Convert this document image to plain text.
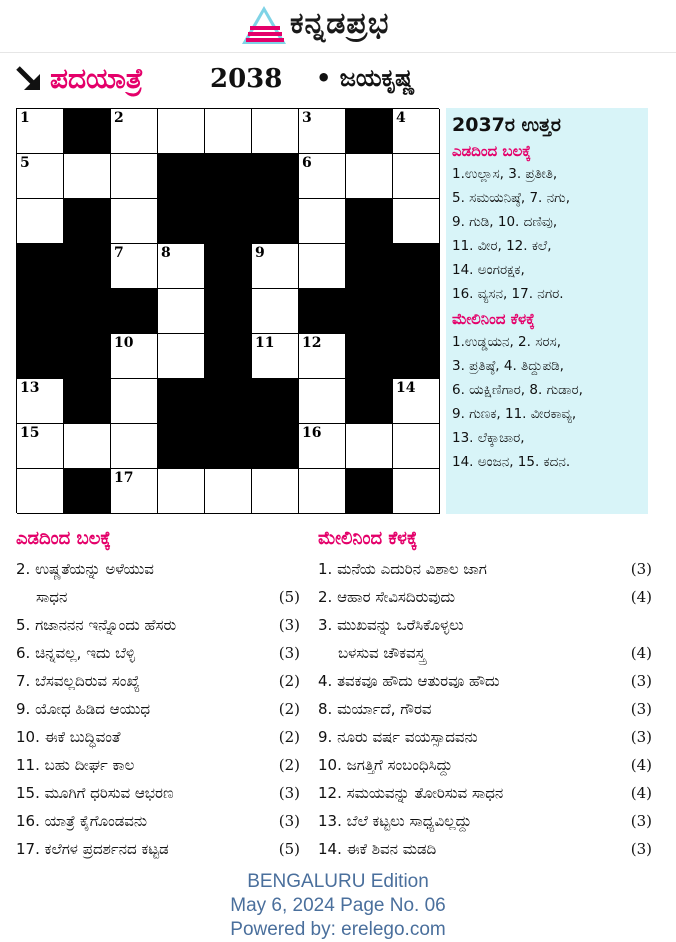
ಕನ್ನಡಪ್ರಭ
ಪದಯಾತ್ರೆ	2038 • ಜಯಕೃಷ್ಣ
1	2	3	4
5	6
7	8	9
10	11 12
13	14
15	16
17
2037ರ ಉತ್ತರ
ಎಡದಿಂದ ಬಲಕ್ಕೆ
1.ಉಲ್ಲಾಸ, 3. ಪ್ರತೀತಿ,
5. ಸಮಯನಿಷ್ಠೆ, 7. ನಗು,
9. ಗುಡಿ, 10. ದಣಿವು,
11. ವೀರ, 12. ಕಲೆ,
14. ಅಂಗರಕ್ಷಕ,
16. ವ್ಯಸನ, 17. ನಗರ.
ಮೇಲಿನಿಂದ ಕೆಳಕ್ಕೆ
1.ಉಡ್ಡಯನ, 2. ಸರಸ,
3. ಪ್ರತಿಷ್ಠೆ, 4. ತಿದ್ದುಪಡಿ,
6. ಯಕ್ಷಿಣಿಗಾರ, 8. ಗುಡಾರ,
9. ಗುಣಕ, 11. ವೀರಕಾವ್ಯ,
13. ಲೆಕ್ಕಾಚಾರ,
14. ಅಂಜನ, 15. ಕದನ.
ಎಡದಿಂದ ಬಲಕ್ಕೆ
2. ಉಷ್ಣತೆಯನ್ನು ಅಳೆಯುವ
ಸಾಧನ	(5)
5. ಗಜಾನನನ ಇನ್ನೊಂದು ಹೆಸರು	(3)
6. ಚಿನ್ನವಲ್ಲ, ಇದು ಬೆಳ್ಳಿ	(3)
7. ಬೆಸವಲ್ಲದಿರುವ ಸಂಖ್ಯೆ	(2)
9. ಯೋಧ ಹಿಡಿದ ಆಯುಧ	(2)
10. ಈಕೆ ಬುದ್ಧಿವಂತೆ	(2)
11. ಬಹು ದೀರ್ಘ ಕಾಲ	(2)
15. ಮೂಗಿಗೆ ಧರಿಸುವ ಆಭರಣ	(3)
16. ಯಾತ್ರೆ ಕೈಗೊಂಡವನು	(3)
17. ಕಲೆಗಳ ಪ್ರದರ್ಶನದ ಕಟ್ಟಡ	(5)
ಮೇಲಿನಿಂದ ಕೆಳಕ್ಕೆ
1. ಮನೆಯ ಎದುರಿನ ವಿಶಾಲ ಜಾಗ	(3)
2. ಆಹಾರ ಸೇವಿಸದಿರುವುದು	(4)
3. ಮುಖವನ್ನು ಒರೆಸಿಕೊಳ್ಳಲು
ಬಳಸುವ ಚೌಕವಸ್ತ್ರ	(4)
4. ತವಕವೂ ಹೌದು ಆತುರವೂ ಹೌದು	(3)
8. ಮರ್ಯಾದೆ, ಗೌರವ	(3)
9. ನೂರು ವರ್ಷ ವಯಸ್ಸಾದವನು	(3)
10. ಜಗತ್ತಿಗೆ ಸಂಬಂಧಿಸಿದ್ದು	(4)
12. ಸಮಯವನ್ನು ತೋರಿಸುವ ಸಾಧನ	(4)
13. ಬೆಲೆ ಕಟ್ಟಲು ಸಾಧ್ಯವಿಲ್ಲದ್ದು	(3)
14. ಈಕೆ ಶಿವನ ಮಡದಿ	(3)
BENGALURU Edition
May 6, 2024 Page No. 06
Powered by: erelego.com
